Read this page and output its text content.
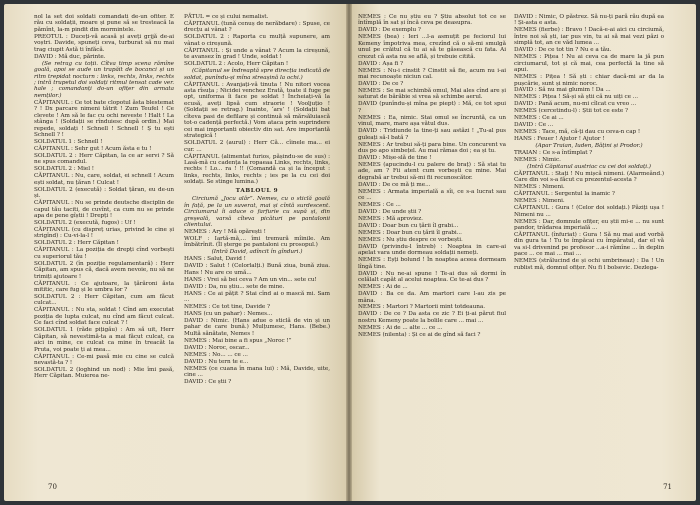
nol la set doi soldati comandati de-un ofiter. E rău cu soldații, moare și pune să se tresteacă la pămînt, la-m pindit din mormintele.

PREOTUL : Duceți-vă acasă și aveți grijă de-ai voștri. Davide, spuneți ceva, turburat să nu mai trag ciupit Astă ti înfăcă.

DAVID : Mă duc, părinte.

(Se retrag cu toții. Cîtva timp scena rămîne goală, apoi se aude un trapăit de bocanci și un ritm trepidat nocturn : links, rechts, links, rechts ; intră trupetul doi soldați ritmul tensat cade ver. hale ; comandanți do-un ofițer din armata nemților.)

CĂPITANUL : Ce tot bate clopotul ăsta blestemat ? ! Dx parcare nimeni tătrit ! Zum Teufel ! Ce clevete ! Am să le fac cu ochi neveste ! Halt ! La stânga ! (Soldații se rînduiesc după ordin.) Mai repede, soldați ! Schnell ! Schnell ! Ș tu ești Schnell ? !

SOLDATUL 1 : Schnell !

CĂPITANUL : Sehr gut ! Acum ăsta e tu !

SOLDATUL 2 : Herr Căpitan, la ce ar servi ? Să ne spus comandul.

SOLDATUL 2 : Miel !

CĂPITANUL : Nu, care, soldat, ei schnell ! Acum ești soldat, nu țăran ! Culcat !

SOLDATUL 2 (execută) : Soldat țăran, eu de-un și.

CĂPITANUL : Nu se prinde deutsche disciplin de capul tău taciti, de cuvînt, ca cum nu se prinde apa de pene gîștii ! Drepți !

SOLDATUL 2 (execută, fugos) : Uf !

CĂPITANUL (cu dispreț urias, privind le cine și strigînd) : Cu-vi-la-l !

SOLDATUL 2 : Herr Căpitan !

CĂPITANUL : La poziția de drepți cînd vorbești cu superiorul tău !

SOLDATUL 2 (în poziție regulamentară) : Herr Căpitan, am spus că, dacă avem nevoie, nu să ne trimiți ajutoare !

CĂPITANUL : Ce ajutoare, la țărăroni ăsta mititic, care fug și le umbra lor ?

SOLDATUL 2 : Herr Căpitan, cum am făcut culcat...

CĂPITANUL : Nu sta, soldat ! Cînd am executat poziția de lupta culcat, nu cînd am făcut culcat. Ce faci cînd soldat face culcat ? !

SOLDATUL 1 (răde pițigău) : Am să uit, Herr Căpitan, să nevestimă-ta a mai făcut culcat, ca aici in mine, ce culcat ca mine în treacăt la Pruta, voi poate ți ai mea...

CĂPITANUL : Ce-mi pasă mie cu cine se culcă nevastă-ta ? !

SOLDATUL 2 (loghind un nod) : Mie îmi pasă, Herr Căpitan. Muierea ne-

PĂTUL = ce și cului nemalist.

CĂPITANUL (tună cenuș de nerăbdare) : Spuse, ce drecțu ai vânat ?

SOLDATUL 2 : Raporta cu mulță supunere, am vânat o cireșună.

CĂPITANUL : Și unde a vânat ? Acum la cireșună, te avansez în grad ! Unde, soldat !

SOLDATUL 2 : Acolo, Herr Căpitan !

(Căpitanul se îndreaptă spre direcția indicată de soldat, punîndu-și mîna streașină la ochi.)

CĂPITANUL : Avanjați-vă tinuta ! Nu nitori vocea asta rîsuța ; Nicidei venchez Erată, toate il fuge pe opt, uniforma îi face pe soldat ! Încheiați-vă la ecusă, aveți lipsă cum straorie ! Vooljuțio ! (Soldații se retrag.) Inainte, ‘ars’ ! (Soldații bat cîteva pasi de defilare și continuă să mărsăluiască tot-o cadență perfectă.) Vom ataca prin suprindere cei mai importanti obiectiv din sat. Are importantă strategică !

SOLDATUL 2 (aurul) : Herr Că... cîinele ma... ei cur. ...

CĂPITANUL (alimentat furios, pășindu-se de sus) : Lasă-mă cu cadența la ropaeaa Links, rechts, links, rechts ! Lo... ra ! !! (Comandă ca și la început : links, rechts, links, rechts ; ies pe la cu cei doi soldați. Se stinge lumina.)

TABLOUL 9

Circiumă „Jocu alăr”. Nemes, cu o sticlă goală în față, pe la un suverat, mai și cîntă surdescent. Circiumarul îi aduce o farfurie cu supă și, din greșeală, varsă cîteva picături pe pantalonii clientului.

NEMES : Ary ! Mă opărești !

WOLF : Iartă-mă,... îmi tremură mîinile. Am îmbătrînit. (Îl șterge pe pantaloni cu prosopul.)

(Intră David, adîncit în gînduri.)

HANS : Salut, David !

DAVID : Salut ! (Celorlalți.) Bună ziua, bună ziua. Hans ! Nu are ce umă...

HANS : Vrei să bei ceva ? Am un vin... sete cu!

DAVID : Da, nu știu... sete de mine.

HANS : Ce ai pățit ? Stai cînd ai o mască mi. Sam ...

NEMES : Ce tot tine, Davide ?

HANS (cu un pahar) : Nemes...

DAVID : Nimic. (Hans adue o sticlă de vin și un pahar de care bună.) Mulțumesc, Hans. (Bebe.) Multă sănătate, Nemes !

NEMES : Mai bine a fi spus „Noroc !”

DAVID : Noroc, oscar...

NEMES : No... ... ce ...

DAVID : Nu tern te e...

NEMES (ce cuana în mana lui) : Mă, Davide, uite, cine ...

DAVID : Ce știi ?

70

NEMES : Ce nu știu eu ? Știu absolut tot ce se întîmplă în sat și încă ceva pe deasupra.

DAVID : De exemplu ?

NEMES (bea) : Ieri ...l-a asmuțit pe feciorul lui Kemeny împotriva mea, crezînd că o să-mi smulgă unul pe crăitul că tu ai să te găsească cu fata. Ai crezut că asta nu se află, și trebuie citită.

DAVID : Așa fi ?

NEMES : Nu-i cinstit ? Cinstit să fie, acum nu i-ai mai recunoaște niciun cal.

DAVID : De ce ?

NEMES : Se mai schimbă omul, Mai ales cînd are și saturat de bărăbie si vrea să schimbe aerul.

DAVID (punîndu-și mîna pe piept) : Mă, ce tot spui ?

NEMES : Ea, nimic. Stai omul se încruntă, ca un vinul, mare, mare așa vătul dus.

DAVID : Tridiunde la tine-ți sau astăzi ! „Tu-al pus guleați să-l bată ?

NEMES : Ar trebui să-ți para bine. Un concurent va dus po apo simbețel. Au mai rămas doi ; ea și tu.

DAVID : Mișe-slă de tine !

NEMES (apucindu-l cu palere de braț) : Să stai tu ade, am ? Fii atent cum vorbești cu mine. Mai degrabă ar trebui să-mi fii recunoscător.

DAVID : De ce mă ți me...

NEMES : Armata imperială a sîi, ce s-a lucrat sau ce ...

NEMES : Ce ...

DAVID : De unde știi ?

NEMES : Mă aproviez.

DAVID : Doar bun cu țării îl grabi...

NEMES : Doar bun cu țării îl grabi...

NEMES : Nu știu despre ce vorbești.

DAVID (privindu-l întreb) : Noaptea in care-ai apelat vara unde dormeau soldații nemeți.

NEMES : Eșți bolund ! În noaptea aceea dormeam lîngă tine.

DAVID : Nu ne-ai spune ! Te-ai dus să dormi în celălalt capăt al acelui noaptea. Ce te-ai dus ?

NEMES : Ai de ...

DAVID : Ba ce da. Am martori care l-au zis pe mâna.

NEMES : Martori ? Martorii mint totdeauna.

DAVID : De ce ? Da asta ce zic ? Ei ți-ai părut fiul nostru Kemeny poate la bolile care ... mai ...

NEMES : Ai de ... alte ... ce ...

NEMES (nilenta) : Și ce ai de gînd să faci ?

DAVID : Nimic, O păstrez. Să nu-ți pară rău după ea ! Și-asta e asta.

NEMES (fierbe) : Bravo ! Dacă-e-ai aici cu circiumă, între noi să ști, iar pus vin, tu ai să mai vezi păzi o simplă tot, an ce văd lumea ...

DAVID : De ce tot tin ? Nu e a tău.

NEMES : Pițea ! Nu ai ceva ca de mare la jă pun circiumarul, tot și că mai, cea perfectă la tine să apui.

NEMES : Pițea ! Să ști : chiar dacă-mi ar da la pușcărie, sunt și nimic noroc.

DAVID : Să nu mai glumim ! Da ...

NEMES : Pițea ! Să-și să știi că nu uiți ce ...

DAVID : Pană acum, nu-mi cîlcat cu vreo ...

NEMES (cercetindu-l) : Știi tot ce este ?

NEMES : Ce ai ...

DAVID : Ce ...

NEMES : Tace, mă, că-ți dau cu ceva-n cap !

HANS : Feuer ! Ajutor ! Ajutor !

(Apar Traian, Iuden, Bățini și Prodor.)

TRAIAN : Ce s-a întîmplat ?

NEMES : Nimic.

(Intră Căpitanul austriac cu cei doi soldați.)

CĂPITANUL : Stați ! Nu mișcă nimeni. (Alarmeând.) Care din voi s-a făcut cu prezentul-acesta ?

NEMES : Nimeni.

CĂPITANUL : Sergentul la inamic ?

NEMES : Nimeni.

CĂPITANUL : Gura ! (Celor doi soldați.) Păziți ușa ! Nimeni nu ...

NEMES : Dar, domnule ofițer, eu știi mi-e ... nu sunt pandor, trădarea imperială ...

CĂPITANUL (înfuriat) : Gura ! Să nu mai aud vorbă din gura ta ! Tu te împăcai cu împăratul, dar el vă va si-l drivenind pe profesor ...a-i rămîne ... în deplin pace ... ce mai ... mai ...

NEMES (strălucind de și ochi umbrineaz) : Da ! Un rublist mă, domnul ofițer. Nu fi l bolsevic. Dezlega-

71
